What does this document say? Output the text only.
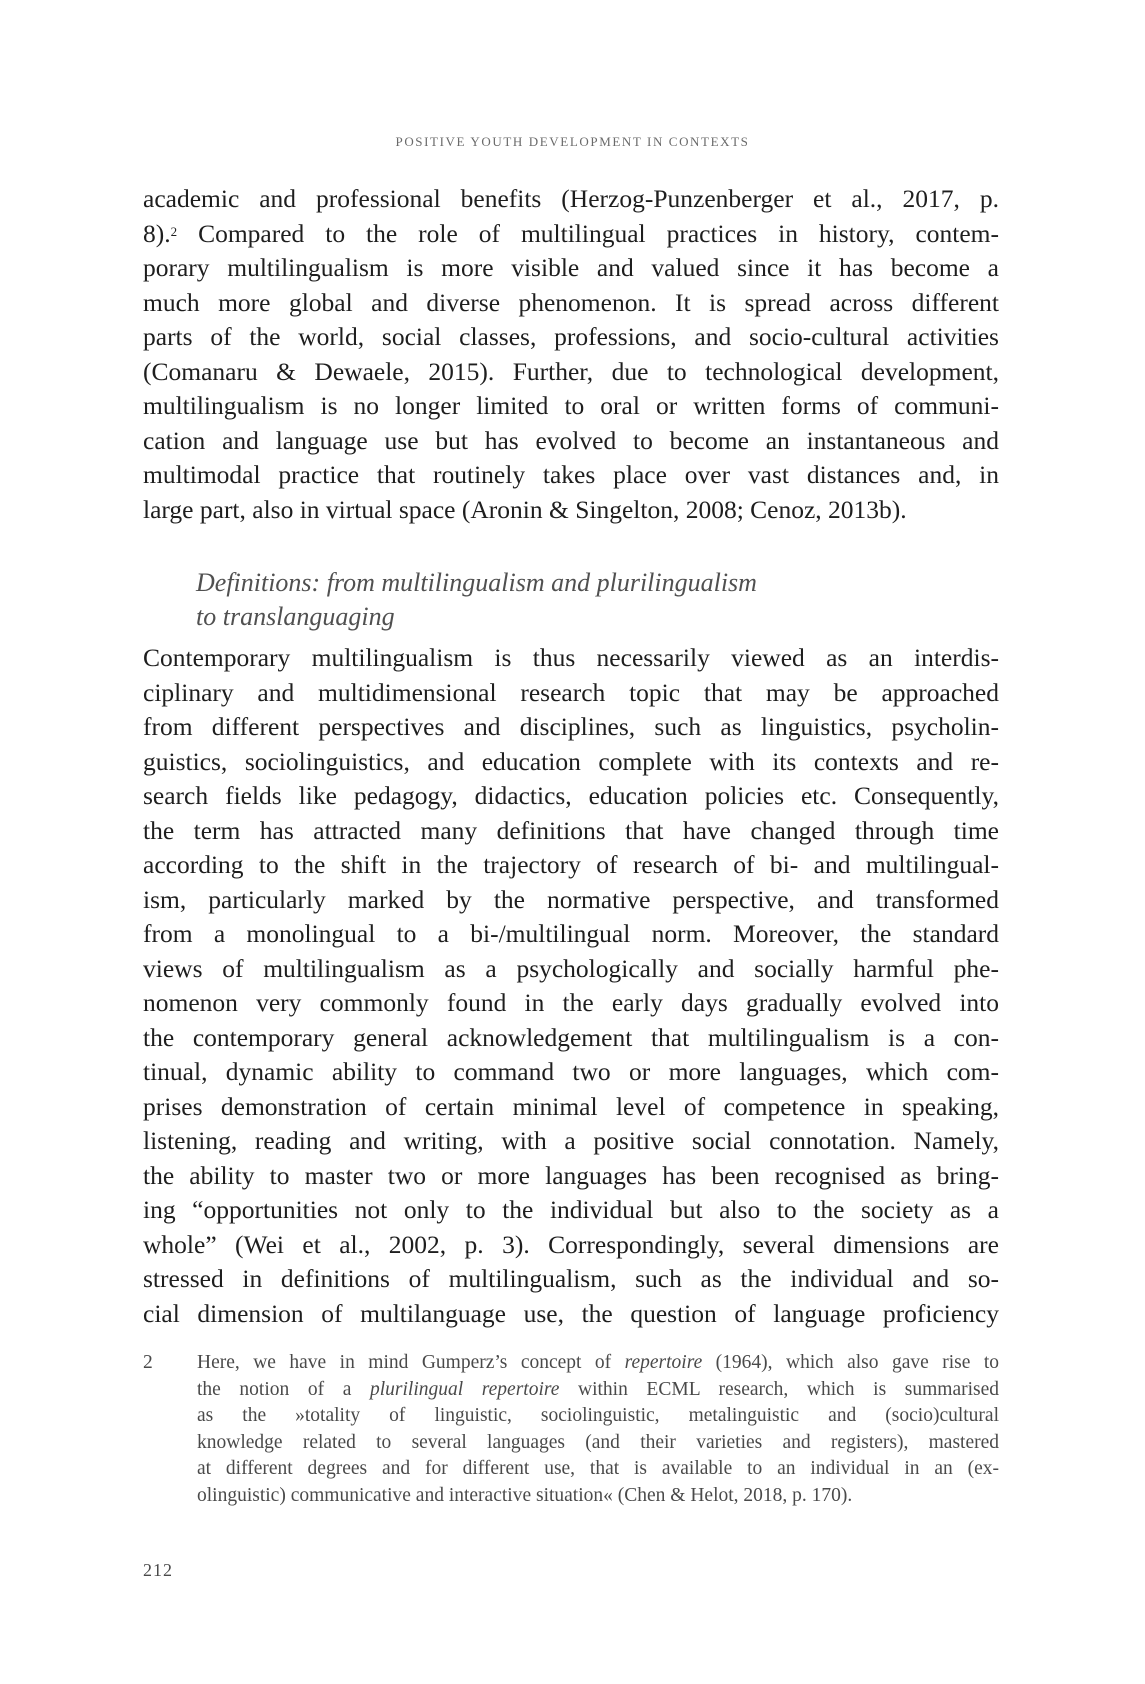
POSITIVE YOUTH DEVELOPMENT IN CONTEXTS
academic and professional benefits (Herzog-Punzenberger et al., 2017, p.
8).$^2$ Compared to the role of multilingual practices in history, contem-
porary multilingualism is more visible and valued since it has become a
much more global and diverse phenomenon. It is spread across different
parts of the world, social classes, professions, and socio-cultural activities
(Comanaru & Dewaele, 2015). Further, due to technological development,
multilingualism is no longer limited to oral or written forms of communi-
cation and language use but has evolved to become an instantaneous and
multimodal practice that routinely takes place over vast distances and, in
large part, also in virtual space (Aronin & Singelton, 2008; Cenoz, 2013b).
Definitions: from multilingualism and plurilingualism
to translanguaging
Contemporary multilingualism is thus necessarily viewed as an interdis-
ciplinary and multidimensional research topic that may be approached
from different perspectives and disciplines, such as linguistics, psycholin-
guistics, sociolinguistics, and education complete with its contexts and re-
search fields like pedagogy, didactics, education policies etc. Consequently,
the term has attracted many definitions that have changed through time
according to the shift in the trajectory of research of bi- and multilingual-
ism, particularly marked by the normative perspective, and transformed
from a monolingual to a bi-/multilingual norm. Moreover, the standard
views of multilingualism as a psychologically and socially harmful phe-
nomenon very commonly found in the early days gradually evolved into
the contemporary general acknowledgement that multilingualism is a con-
tinual, dynamic ability to command two or more languages, which com-
prises demonstration of certain minimal level of competence in speaking,
listening, reading and writing, with a positive social connotation. Namely,
the ability to master two or more languages has been recognised as bring-
ing “opportunities not only to the individual but also to the society as a
whole” (Wei et al., 2002, p. 3). Correspondingly, several dimensions are
stressed in definitions of multilingualism, such as the individual and so-
cial dimension of multilanguage use, the question of language proficiency
2 Here, we have in mind Gumperz’s concept of repertoire (1964), which also gave rise to
the notion of a plurilingual repertoire within ECML research, which is summarised
as the »totality of linguistic, sociolinguistic, metalinguistic and (socio)cultural
knowledge related to several languages (and their varieties and registers), mastered
at different degrees and for different use, that is available to an individual in an (ex-
olinguistic) communicative and interactive situation« (Chen & Helot, 2018, p. 170).
212
